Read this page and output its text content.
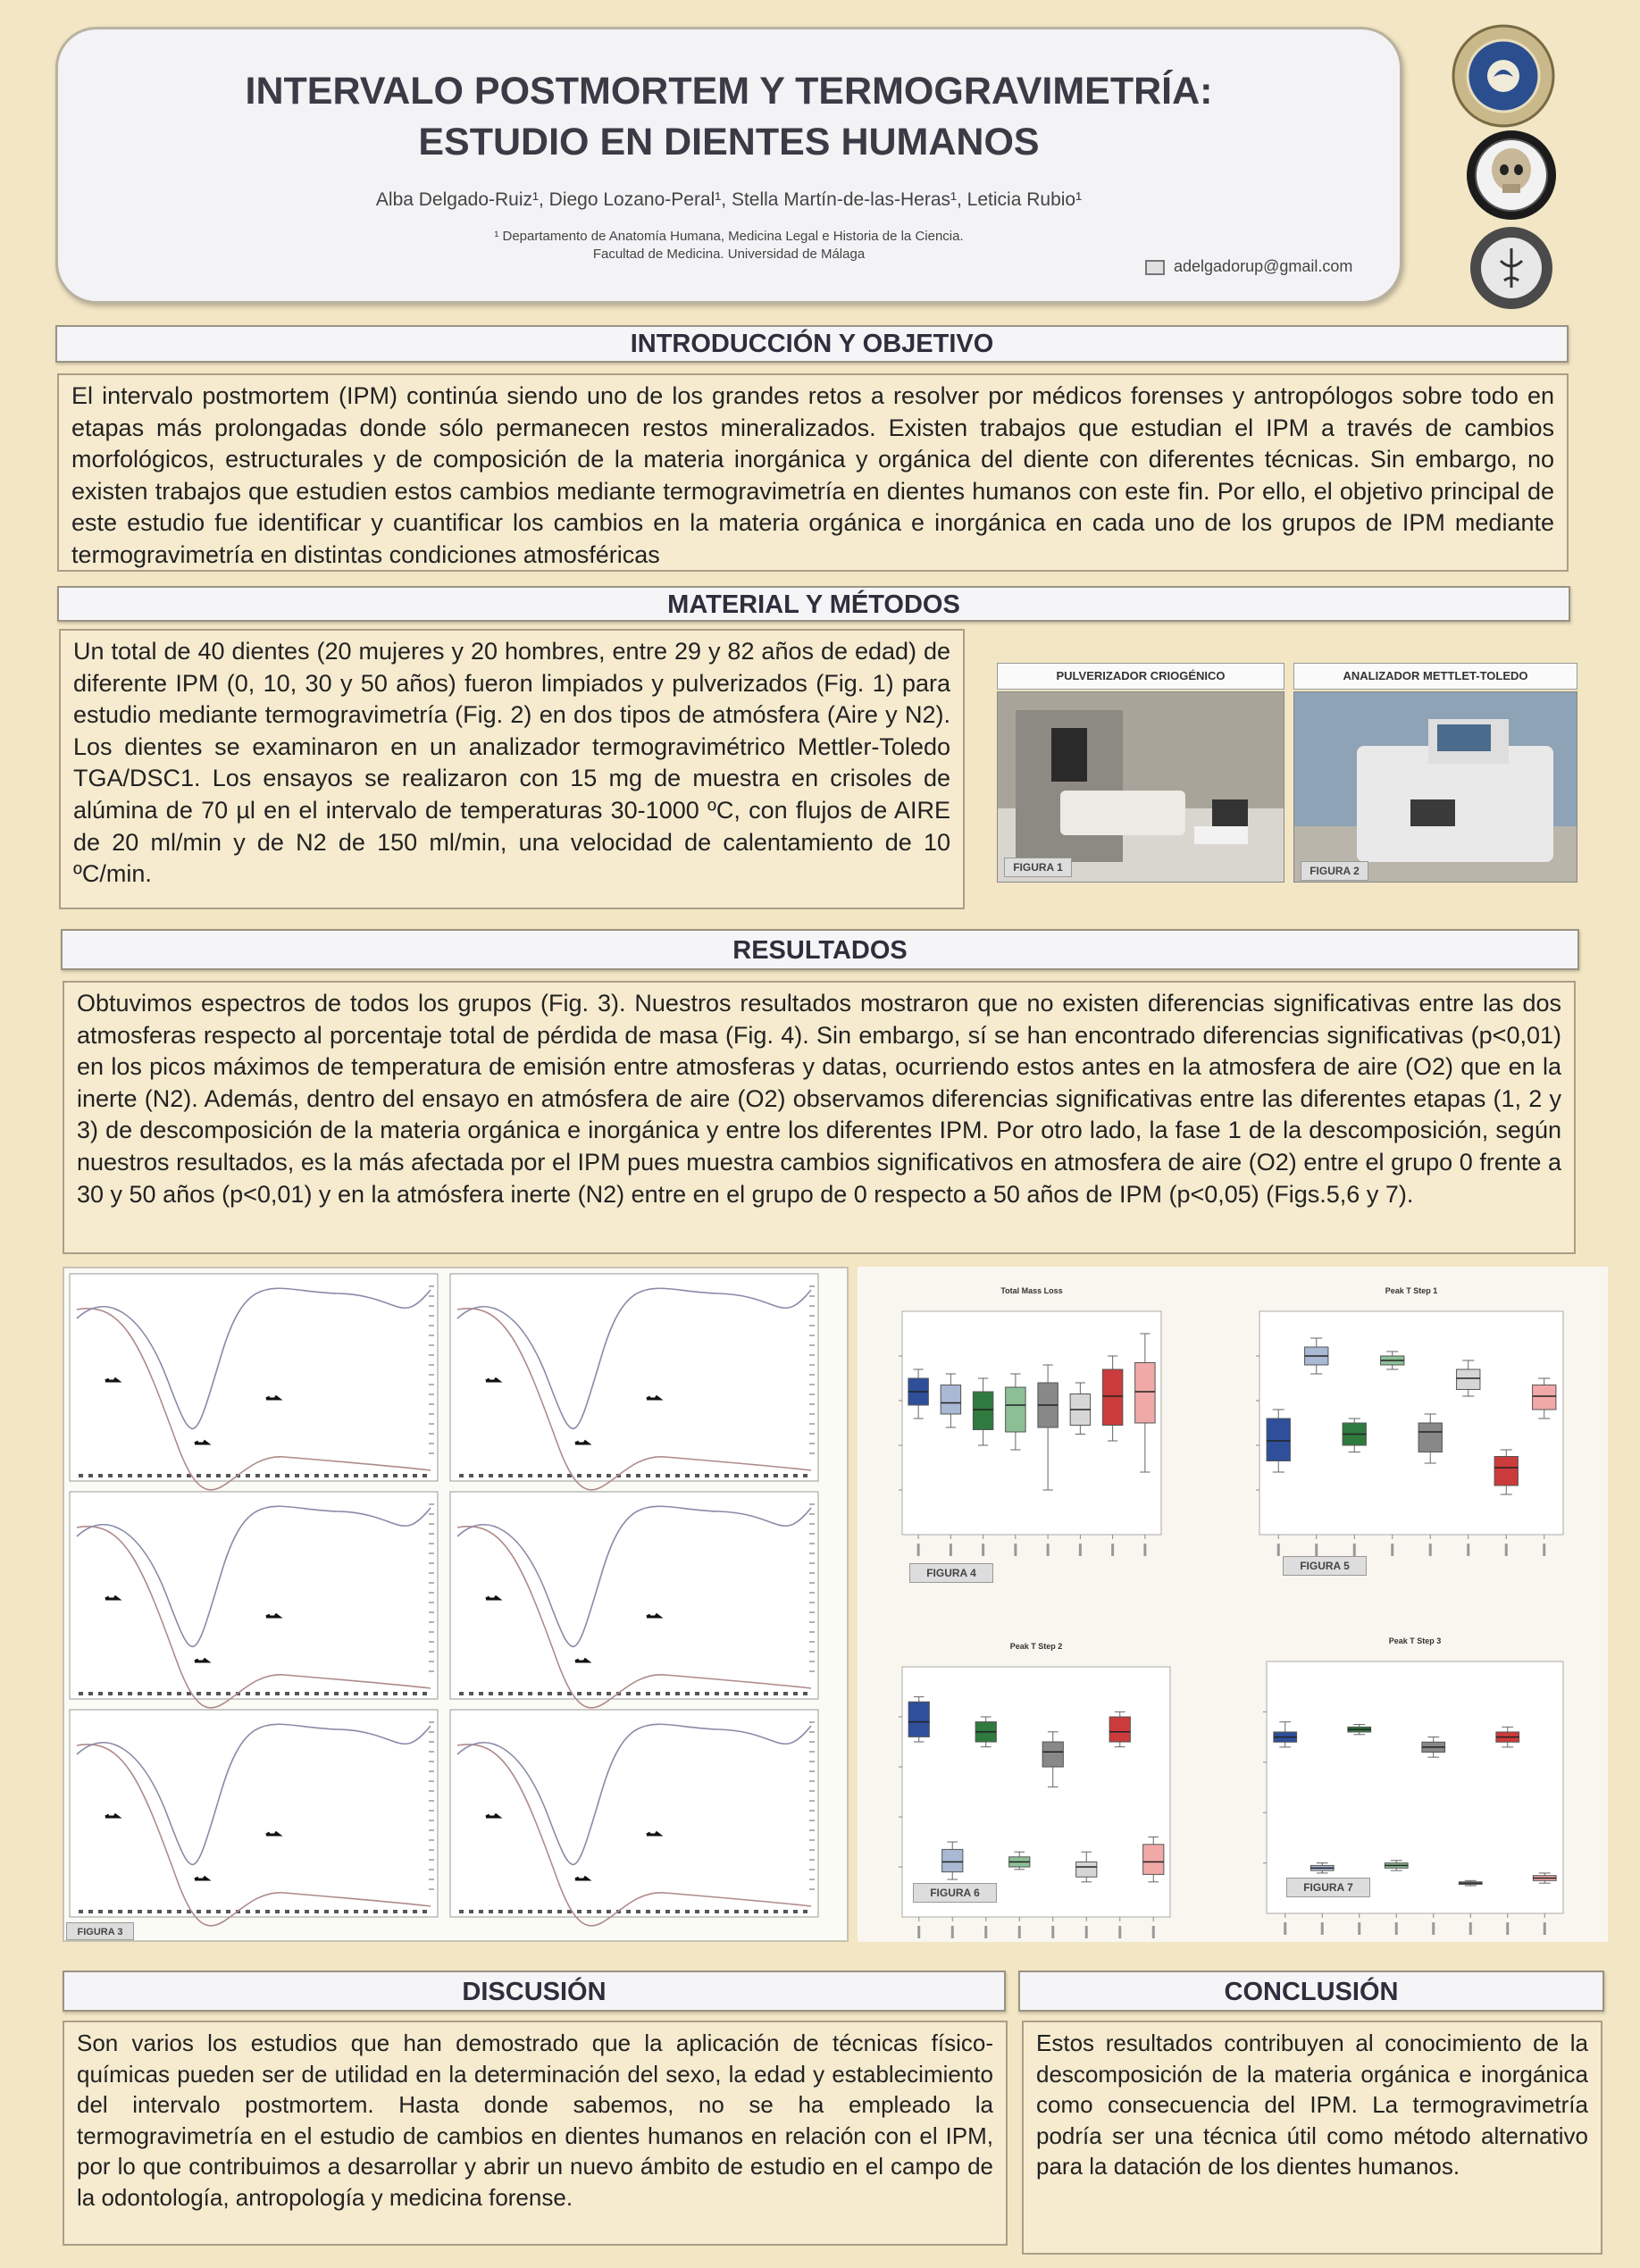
INTERVALO POSTMORTEM Y TERMOGRAVIMETRÍA:
ESTUDIO EN DIENTES HUMANOS
Alba Delgado-Ruiz¹, Diego Lozano-Peral¹, Stella Martín-de-las-Heras¹, Leticia Rubio¹
¹ Departamento de Anatomía Humana, Medicina Legal e Historia de la Ciencia.
Facultad de Medicina. Universidad de Málaga
adelgadorup@gmail.com
INTRODUCCIÓN Y OBJETIVO
El intervalo postmortem (IPM) continúa siendo uno de los grandes retos a resolver por médicos forenses y antropólogos sobre todo en etapas más prolongadas donde sólo permanecen restos mineralizados. Existen trabajos que estudian el IPM a través de cambios morfológicos, estructurales y de composición de la materia inorgánica y orgánica del diente con diferentes técnicas. Sin embargo, no existen trabajos que estudien estos cambios mediante termogravimetría en dientes humanos con este fin. Por ello, el objetivo principal de este estudio fue identificar y cuantificar los cambios en la materia orgánica e inorgánica en cada uno de los grupos de IPM mediante termogravimetría en distintas condiciones atmosféricas
MATERIAL Y MÉTODOS
Un total de 40 dientes (20 mujeres y 20 hombres, entre 29 y 82 años de edad) de diferente IPM (0, 10, 30 y 50 años) fueron limpiados y pulverizados (Fig. 1) para estudio mediante termogravimetría (Fig. 2) en dos tipos de atmósfera (Aire y N2). Los dientes se examinaron en un analizador termogravimétrico Mettler-Toledo TGA/DSC1. Los ensayos se realizaron con 15 mg de muestra en crisoles de alúmina de 70 µl en el intervalo de temperaturas 30-1000 ºC, con flujos de AIRE de 20 ml/min y de N2 de 150 ml/min, una velocidad de calentamiento de 10 ºC/min.
PULVERIZADOR CRIOGÉNICO
FIGURA 1
ANALIZADOR METTLET-TOLEDO
FIGURA 2
RESULTADOS
Obtuvimos espectros de todos los grupos (Fig. 3). Nuestros resultados mostraron que no existen diferencias significativas entre las dos atmosferas respecto al porcentaje total de pérdida de masa (Fig. 4). Sin embargo, sí se han encontrado diferencias significativas (p<0,01) en los picos máximos de temperatura de emisión entre atmosferas y datas, ocurriendo estos antes en la atmosfera de aire (O2) que en la inerte (N2). Además, dentro del ensayo en atmósfera de aire (O2) observamos diferencias significativas entre las diferentes etapas (1, 2 y 3) de descomposición de la materia orgánica e inorgánica y entre los diferentes IPM. Por otro lado, la fase 1 de la descomposición, según nuestros resultados, es la más afectada por el IPM pues muestra cambios significativos en atmosfera de aire (O2) entre el grupo 0 frente a 30 y 50 años (p<0,01) y en la atmósfera inerte (N2) entre en el grupo de 0 respecto a 50 años de IPM (p<0,05) (Figs.5,6 y 7).
FIGURA 3
Total Mass Loss	Peak T Step 1
Peak T Step 2
Peak T Step 3
FIGURA 4
FIGURA 5
FIGURA 6	FIGURA 7
DISCUSIÓN
Son varios los estudios que han demostrado que la aplicación de técnicas físico-químicas pueden ser de utilidad en la determinación del sexo, la edad y establecimiento del intervalo postmortem. Hasta donde sabemos, no se ha empleado la termogravimetría en el estudio de cambios en dientes humanos en relación con el IPM, por lo que contribuimos a desarrollar y abrir un nuevo ámbito de estudio en el campo de la odontología, antropología y medicina forense.
CONCLUSIÓN
Estos resultados contribuyen al conocimiento de la descomposición de la materia orgánica e inorgánica como consecuencia del IPM. La termogravimetría podría ser una técnica útil como método alternativo para la datación de los dientes humanos.
